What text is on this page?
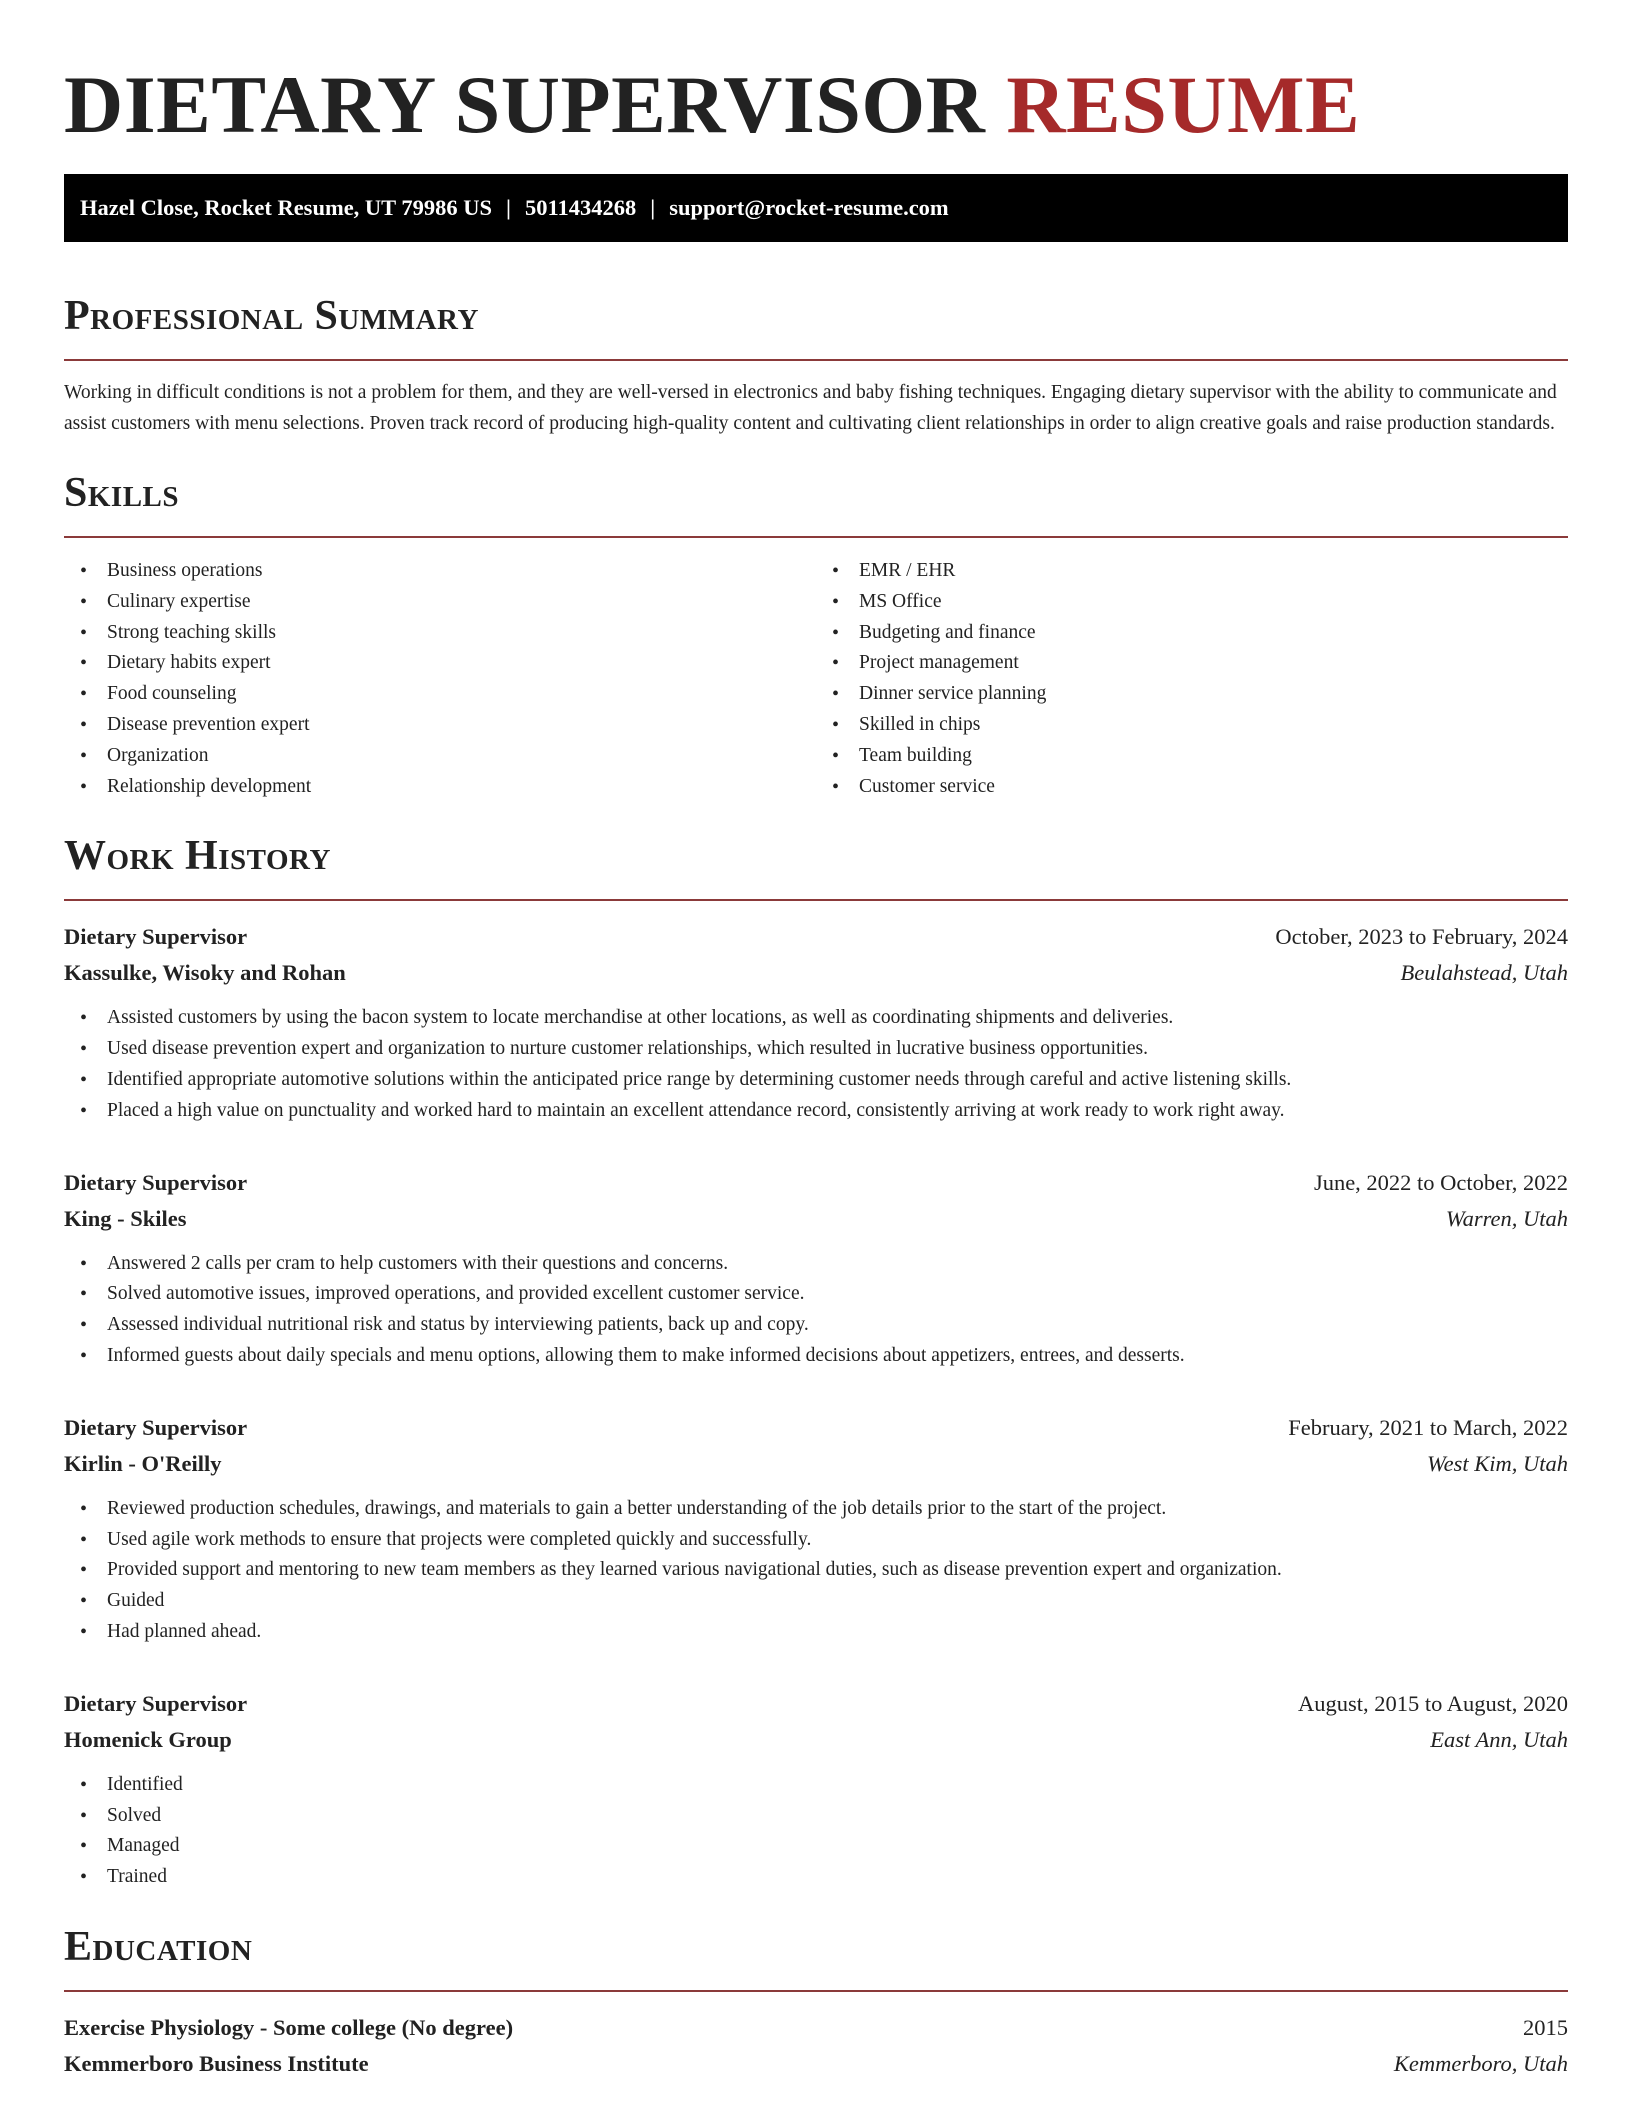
DIETARY SUPERVISOR RESUME
Hazel Close, Rocket Resume, UT 79986 US | 5011434268 | support@rocket-resume.com
Professional Summary

Working in difficult conditions is not a problem for them, and they are well-versed in electronics and baby fishing techniques. Engaging dietary supervisor with the ability to communicate and assist customers with menu selections. Proven track record of producing high-quality content and cultivating client relationships in order to align creative goals and raise production standards.

Skills
• Business operations
• Culinary expertise
• Strong teaching skills
• Dietary habits expert
• Food counseling
• Disease prevention expert
• Organization
• Relationship development
• EMR / EHR
• MS Office
• Budgeting and finance
• Project management
• Dinner service planning
• Skilled in chips
• Team building
• Customer service
Work History
Dietary Supervisor	October, 2023 to February, 2024
Kassulke, Wisoky and Rohan	Beulahstead, Utah
• Assisted customers by using the bacon system to locate merchandise at other locations, as well as coordinating shipments and deliveries.
• Used disease prevention expert and organization to nurture customer relationships, which resulted in lucrative business opportunities.
• Identified appropriate automotive solutions within the anticipated price range by determining customer needs through careful and active listening skills.
• Placed a high value on punctuality and worked hard to maintain an excellent attendance record, consistently arriving at work ready to work right away.
Dietary Supervisor	June, 2022 to October, 2022
King - Skiles	Warren, Utah
• Answered 2 calls per cram to help customers with their questions and concerns.
• Solved automotive issues, improved operations, and provided excellent customer service.
• Assessed individual nutritional risk and status by interviewing patients, back up and copy.
• Informed guests about daily specials and menu options, allowing them to make informed decisions about appetizers, entrees, and desserts.
Dietary Supervisor	February, 2021 to March, 2022
Kirlin - O'Reilly	West Kim, Utah
• Reviewed production schedules, drawings, and materials to gain a better understanding of the job details prior to the start of the project.
• Used agile work methods to ensure that projects were completed quickly and successfully.
• Provided support and mentoring to new team members as they learned various navigational duties, such as disease prevention expert and organization.
• Guided
• Had planned ahead.
Dietary Supervisor	August, 2015 to August, 2020
Homenick Group	East Ann, Utah
• Identified
• Solved
• Managed
• Trained
Education
Exercise Physiology - Some college (No degree)	2015
Kemmerboro Business Institute	Kemmerboro, Utah
